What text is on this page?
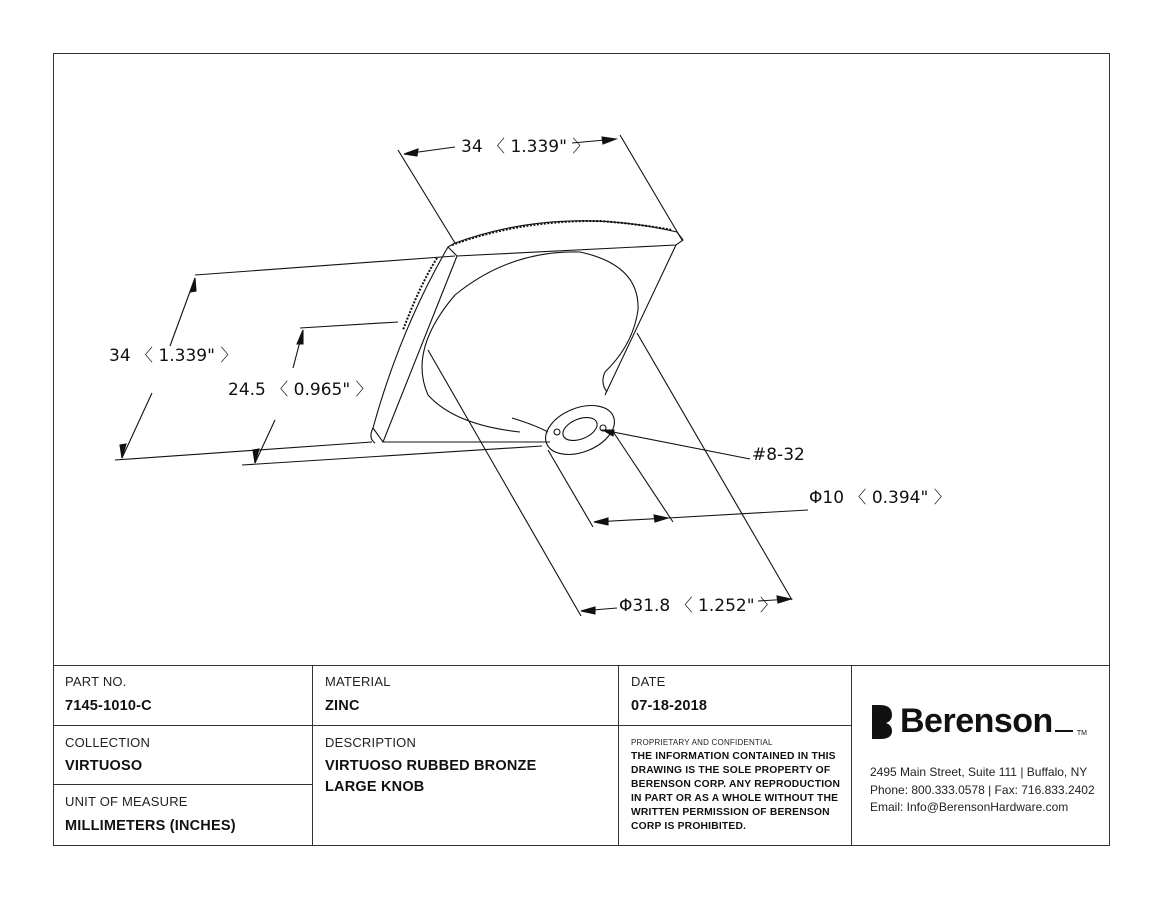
34 〈 1.339" 〉
34 〈 1.339" 〉
24.5 〈 0.965" 〉
#8-32
Φ10 〈 0.394" 〉
Φ31.8 〈 1.252" 〉
PART NO.
7145-1010-C
MATERIAL
ZINC
DATE
07-18-2018
COLLECTION
VIRTUOSO
UNIT OF MEASURE
MILLIMETERS (INCHES)
DESCRIPTION
VIRTUOSO RUBBED BRONZE
LARGE KNOB
PROPRIETARY AND CONFIDENTIAL
THE INFORMATION CONTAINED IN THIS DRAWING IS THE SOLE PROPERTY OF BERENSON CORP. ANY REPRODUCTION IN PART OR AS A WHOLE WITHOUT THE WRITTEN PERMISSION OF BERENSON CORP IS PROHIBITED.
Berenson	TM
2495 Main Street, Suite 111 | Buffalo, NY
Phone: 800.333.0578 | Fax: 716.833.2402
Email: Info@BerensonHardware.com
